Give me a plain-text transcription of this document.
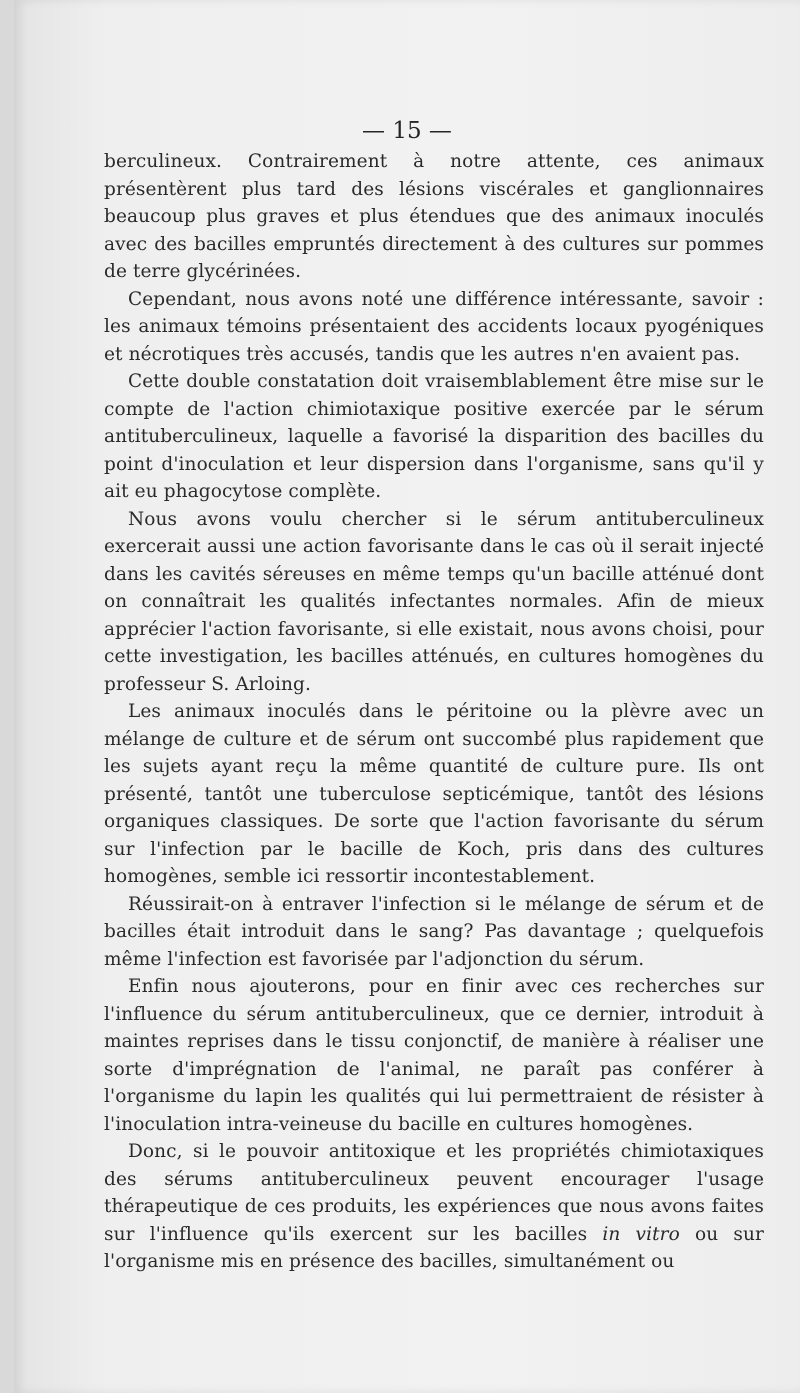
— 15 —

berculineux. Contrairement à notre attente, ces animaux présentèrent plus tard des lésions viscérales et ganglionnaires beaucoup plus graves et plus étendues que des animaux inoculés avec des bacilles empruntés directement à des cultures sur pommes de terre glycérinées.

Cependant, nous avons noté une différence intéressante, savoir : les animaux témoins présentaient des accidents locaux pyogéniques et nécrotiques très accusés, tandis que les autres n'en avaient pas.

Cette double constatation doit vraisemblablement être mise sur le compte de l'action chimiotaxique positive exercée par le sérum antituberculineux, laquelle a favorisé la disparition des bacilles du point d'inoculation et leur dispersion dans l'organisme, sans qu'il y ait eu phagocytose complète.

Nous avons voulu chercher si le sérum antituberculineux exercerait aussi une action favorisante dans le cas où il serait injecté dans les cavités séreuses en même temps qu'un bacille atténué dont on connaîtrait les qualités infectantes normales. Afin de mieux apprécier l'action favorisante, si elle existait, nous avons choisi, pour cette investigation, les bacilles atténués, en cultures homogènes du professeur S. Arloing.

Les animaux inoculés dans le péritoine ou la plèvre avec un mélange de culture et de sérum ont succombé plus rapidement que les sujets ayant reçu la même quantité de culture pure. Ils ont présenté, tantôt une tuberculose septicémique, tantôt des lésions organiques classiques. De sorte que l'action favorisante du sérum sur l'infection par le bacille de Koch, pris dans des cultures homogènes, semble ici ressortir incontestablement.

Réussirait-on à entraver l'infection si le mélange de sérum et de bacilles était introduit dans le sang? Pas davantage ; quelquefois même l'infection est favorisée par l'adjonction du sérum.

Enfin nous ajouterons, pour en finir avec ces recherches sur l'influence du sérum antituberculineux, que ce dernier, introduit à maintes reprises dans le tissu conjonctif, de manière à réaliser une sorte d'imprégnation de l'animal, ne paraît pas conférer à l'organisme du lapin les qualités qui lui permettraient de résister à l'inoculation intra-veineuse du bacille en cultures homogènes.

Donc, si le pouvoir antitoxique et les propriétés chimiotaxiques des sérums antituberculineux peuvent encourager l'usage thérapeutique de ces produits, les expériences que nous avons faites sur l'influence qu'ils exercent sur les bacilles in vitro ou sur l'organisme mis en présence des bacilles, simultanément ou
